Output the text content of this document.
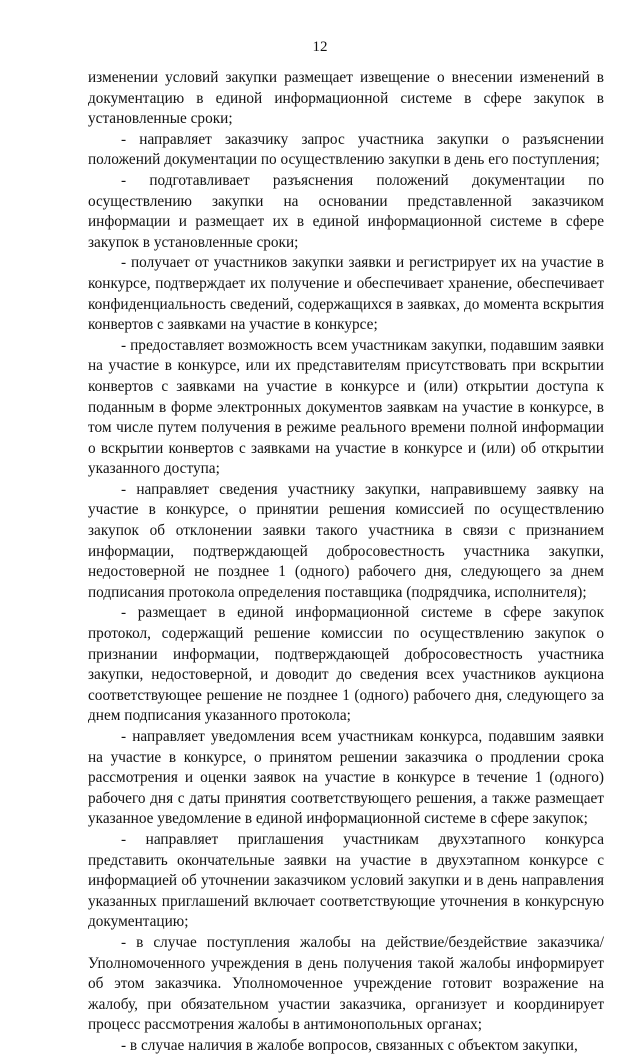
12

изменении условий закупки размещает извещение о внесении изменений в документацию в единой информационной системе в сфере закупок в установленные сроки;

- направляет заказчику запрос участника закупки о разъяснении положений документации по осуществлению закупки в день его поступления;

- подготавливает разъяснения положений документации по осуществлению закупки на основании представленной заказчиком информации и размещает их в единой информационной системе в сфере закупок в установленные сроки;

- получает от участников закупки заявки и регистрирует их на участие в конкурсе, подтверждает их получение и обеспечивает хранение, обеспечивает конфиденциальность сведений, содержащихся в заявках, до момента вскрытия конвертов с заявками на участие в конкурсе;

- предоставляет возможность всем участникам закупки, подавшим заявки на участие в конкурсе, или их представителям присутствовать при вскрытии конвертов с заявками на участие в конкурсе и (или) открытии доступа к поданным в форме электронных документов заявкам на участие в конкурсе, в том числе путем получения в режиме реального времени полной информации о вскрытии конвертов с заявками на участие в конкурсе и (или) об открытии указанного доступа;

- направляет сведения участнику закупки, направившему заявку на участие в конкурсе, о принятии решения комиссией по осуществлению закупок об отклонении заявки такого участника в связи с признанием информации, подтверждающей добросовестность участника закупки, недостоверной не позднее 1 (одного) рабочего дня, следующего за днем подписания протокола определения поставщика (подрядчика, исполнителя);

- размещает в единой информационной системе в сфере закупок протокол, содержащий решение комиссии по осуществлению закупок о признании информации, подтверждающей добросовестность участника закупки, недостоверной, и доводит до сведения всех участников аукциона соответствующее решение не позднее 1 (одного) рабочего дня, следующего за днем подписания указанного протокола;

- направляет уведомления всем участникам конкурса, подавшим заявки на участие в конкурсе, о принятом решении заказчика о продлении срока рассмотрения и оценки заявок на участие в конкурсе в течение 1 (одного) рабочего дня с даты принятия соответствующего решения, а также размещает указанное уведомление в единой информационной системе в сфере закупок;

- направляет приглашения участникам двухэтапного конкурса представить окончательные заявки на участие в двухэтапном конкурсе с информацией об уточнении заказчиком условий закупки и в день направления указанных приглашений включает соответствующие уточнения в конкурсную документацию;

- в случае поступления жалобы на действие/бездействие заказчика/Уполномоченного учреждения в день получения такой жалобы информирует об этом заказчика. Уполномоченное учреждение готовит возражение на жалобу, при обязательном участии заказчика, организует и координирует процесс рассмотрения жалобы в антимонопольных органах;

- в случае наличия в жалобе вопросов, связанных с объектом закупки,
